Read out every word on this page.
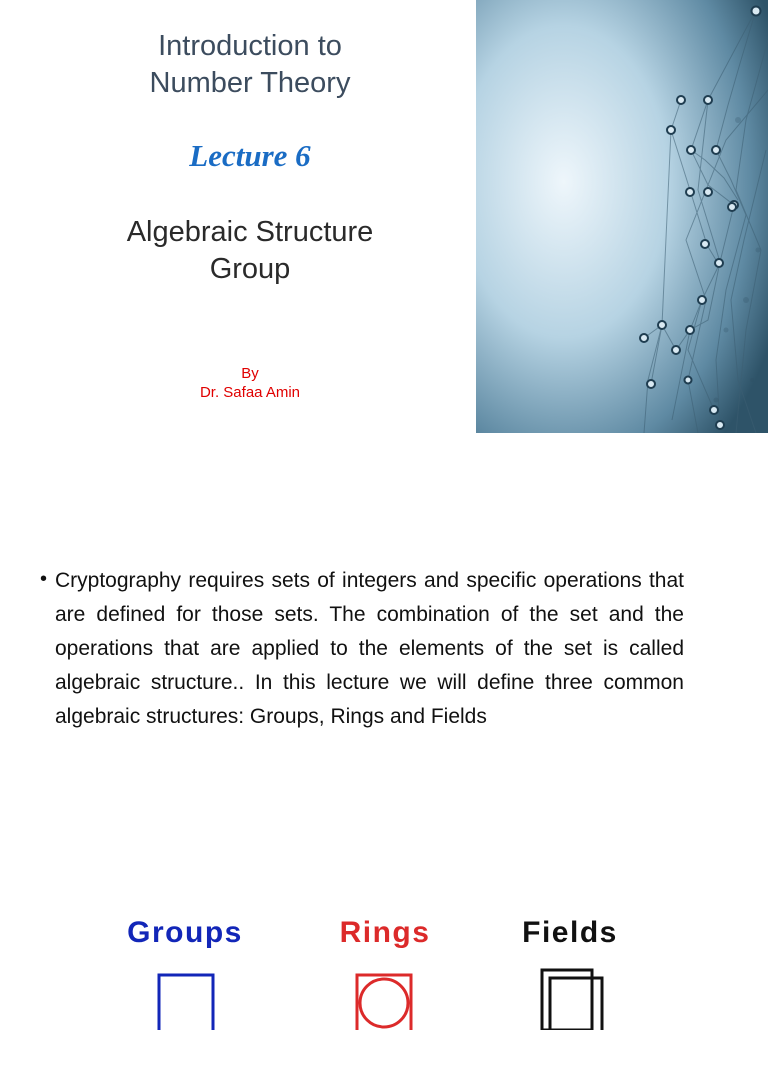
Introduction to
Number Theory
Lecture 6
Algebraic Structure
Group
By
Dr. Safaa Amin
• Cryptography requires sets of integers and specific operations that are defined for those sets. The combination of the set and the operations that are applied to the elements of the set is called algebraic structure.. In this lecture we will define three common algebraic structures: Groups, Rings and Fields
Groups	Rings	Fields
